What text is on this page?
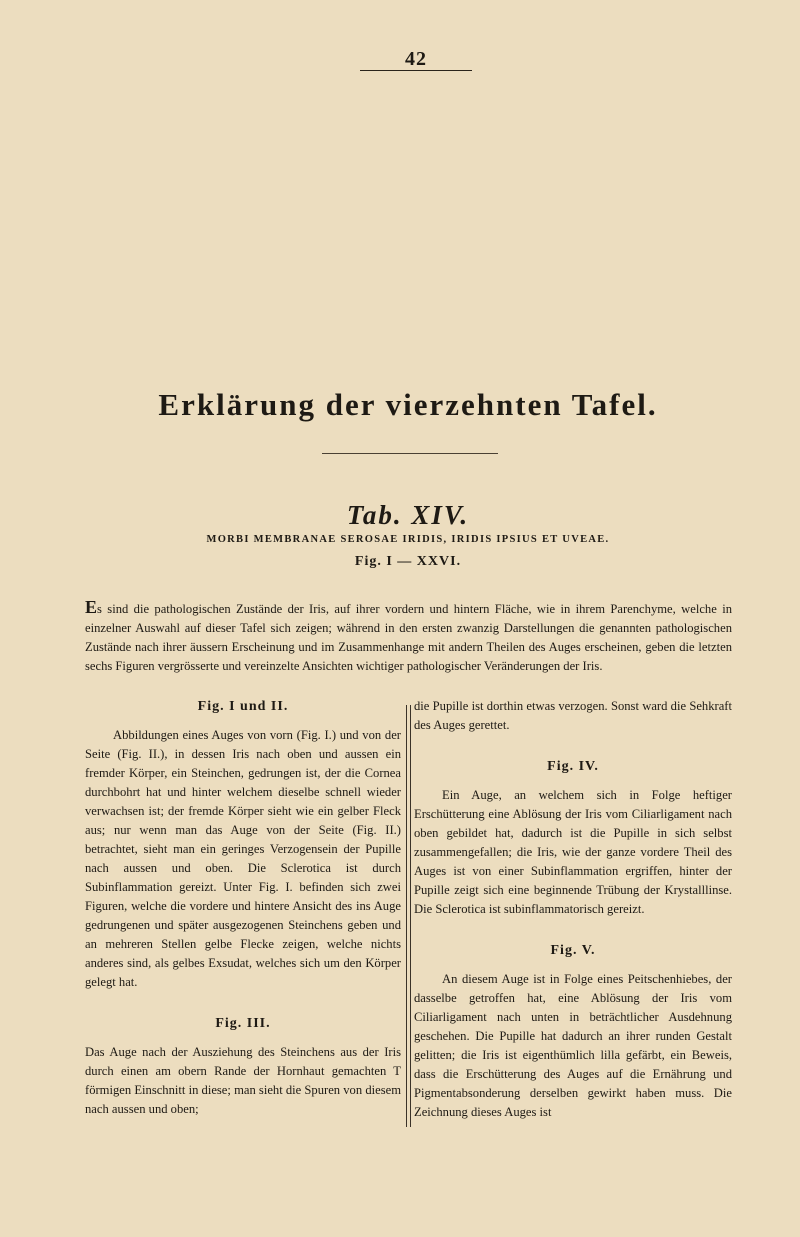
42
Erklärung der vierzehnten Tafel.
Tab. XIV.
MORBI MEMBRANAE SEROSAE IRIDIS, IRIDIS IPSIUS ET UVEAE.
Fig. I — XXVI.

Es sind die pathologischen Zustände der Iris, auf ihrer vordern und hintern Fläche, wie in ihrem Parenchyme, welche in einzelner Auswahl auf dieser Tafel sich zeigen; während in den ersten zwanzig Darstellungen die genannten pathologischen Zustände nach ihrer äussern Erscheinung und im Zusammenhange mit andern Theilen des Auges erscheinen, geben die letzten sechs Figuren vergrösserte und vereinzelte Ansichten wichtiger pathologischer Veränderungen der Iris.

Fig. I und II.

Abbildungen eines Auges von vorn (Fig. I.) und von der Seite (Fig. II.), in dessen Iris nach oben und aussen ein fremder Körper, ein Steinchen, gedrungen ist, der die Cornea durchbohrt hat und hinter welchem dieselbe schnell wieder verwachsen ist; der fremde Körper sieht wie ein gelber Fleck aus; nur wenn man das Auge von der Seite (Fig. II.) betrachtet, sieht man ein geringes Verzogensein der Pupille nach aussen und oben. Die Sclerotica ist durch Subinflammation gereizt. Unter Fig. I. befinden sich zwei Figuren, welche die vordere und hintere Ansicht des ins Auge gedrungenen und später ausgezogenen Steinchens geben und an mehreren Stellen gelbe Flecke zeigen, welche nichts anderes sind, als gelbes Exsudat, welches sich um den Körper gelegt hat.

Fig. III.

Das Auge nach der Ausziehung des Steinchens aus der Iris durch einen am obern Rande der Hornhaut gemachten T förmigen Einschnitt in diese; man sieht die Spuren von diesem nach aussen und oben;

die Pupille ist dorthin etwas verzogen. Sonst ward die Sehkraft des Auges gerettet.

Fig. IV.

Ein Auge, an welchem sich in Folge heftiger Erschütterung eine Ablösung der Iris vom Ciliarligament nach oben gebildet hat, dadurch ist die Pupille in sich selbst zusammengefallen; die Iris, wie der ganze vordere Theil des Auges ist von einer Subinflammation ergriffen, hinter der Pupille zeigt sich eine beginnende Trübung der Krystalllinse. Die Sclerotica ist subinflammatorisch gereizt.

Fig. V.

An diesem Auge ist in Folge eines Peitschenhiebes, der dasselbe getroffen hat, eine Ablösung der Iris vom Ciliarligament nach unten in beträchtlicher Ausdehnung geschehen. Die Pupille hat dadurch an ihrer runden Gestalt gelitten; die Iris ist eigenthümlich lilla gefärbt, ein Beweis, dass die Erschütterung des Auges auf die Ernährung und Pigmentabsonderung derselben gewirkt haben muss. Die Zeichnung dieses Auges ist
